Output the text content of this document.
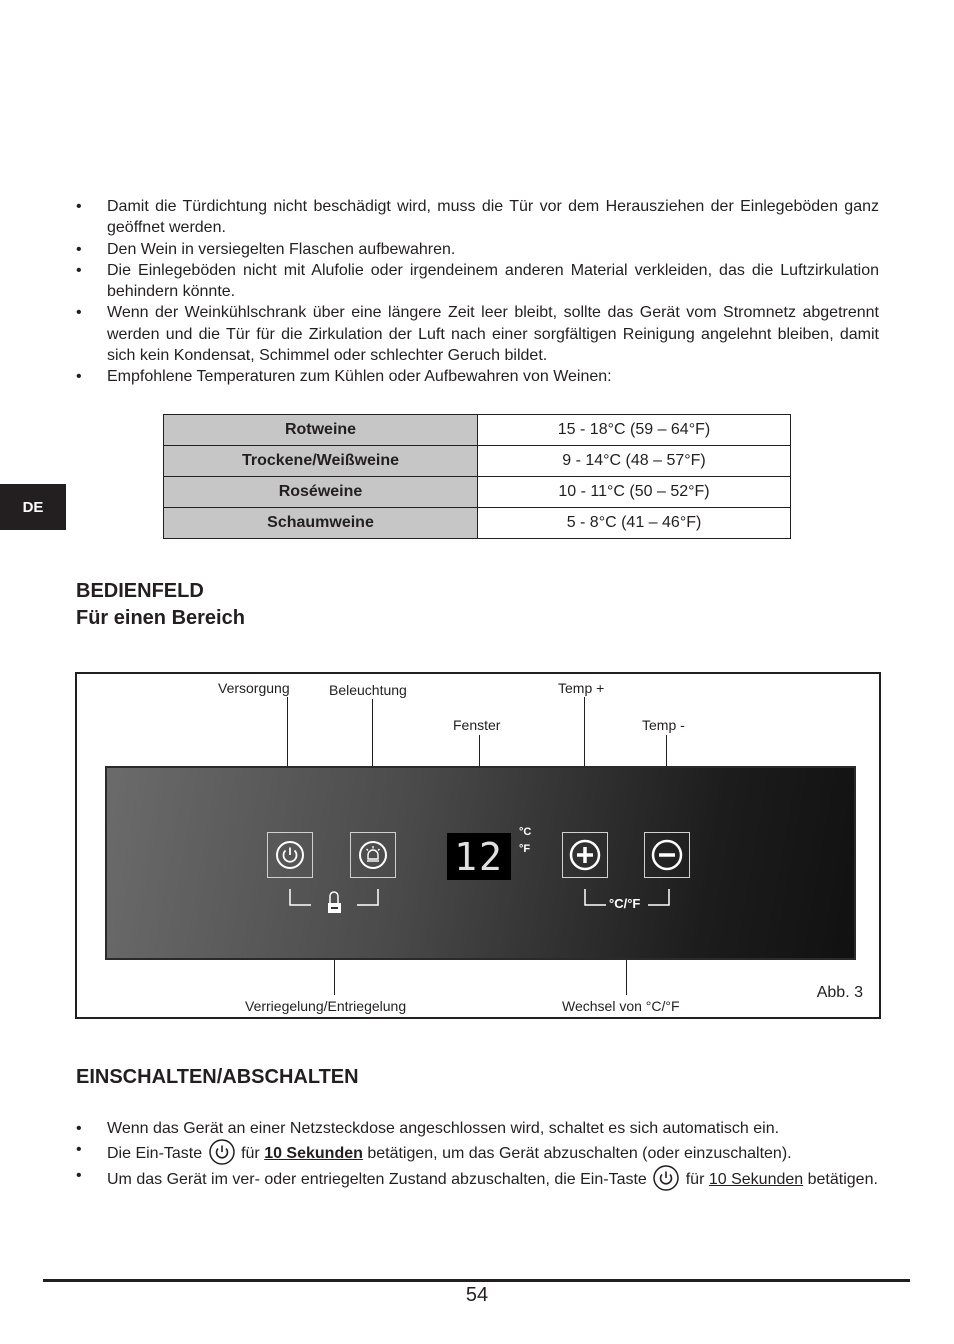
• Damit die Türdichtung nicht beschädigt wird, muss die Tür vor dem Herausziehen der Einlegeböden ganz geöffnet werden.
• Den Wein in versiegelten Flaschen aufbewahren.
• Die Einlegeböden nicht mit Alufolie oder irgendeinem anderen Material verkleiden, das die Luftzirkulation behindern könnte.
• Wenn der Weinkühlschrank über eine längere Zeit leer bleibt, sollte das Gerät vom Stromnetz abgetrennt werden und die Tür für die Zirkulation der Luft nach einer sorgfältigen Reinigung angelehnt bleiben, damit sich kein Kondensat, Schimmel oder schlechter Geruch bildet.
• Empfohlene Temperaturen zum Kühlen oder Aufbewahren von Weinen:
Rotweine	15 - 18°C (59 – 64°F)
Trockene/Weißweine	9 - 14°C (48 – 57°F)
Roséweine	10 - 11°C (50 – 52°F)
Schaumweine	5 - 8°C (41 – 46°F)
DE
BEDIENFELD
Für einen Bereich
Versorgung	Beleuchtung
Fenster
Temp +
Temp -
Verriegelung/Entriegelung	Wechsel von °C/°F
12
°C
°F
°C/°F
Abb. 3
EINSCHALTEN/ABSCHALTEN
• Wenn das Gerät an einer Netzsteckdose angeschlossen wird, schaltet es sich automatisch ein.
• Die Ein-Taste für 10 Sekunden betätigen, um das Gerät abzuschalten (oder einzuschalten).
• Um das Gerät im ver- oder entriegelten Zustand abzuschalten, die Ein-Taste für 10 Sekunden betätigen.
54
